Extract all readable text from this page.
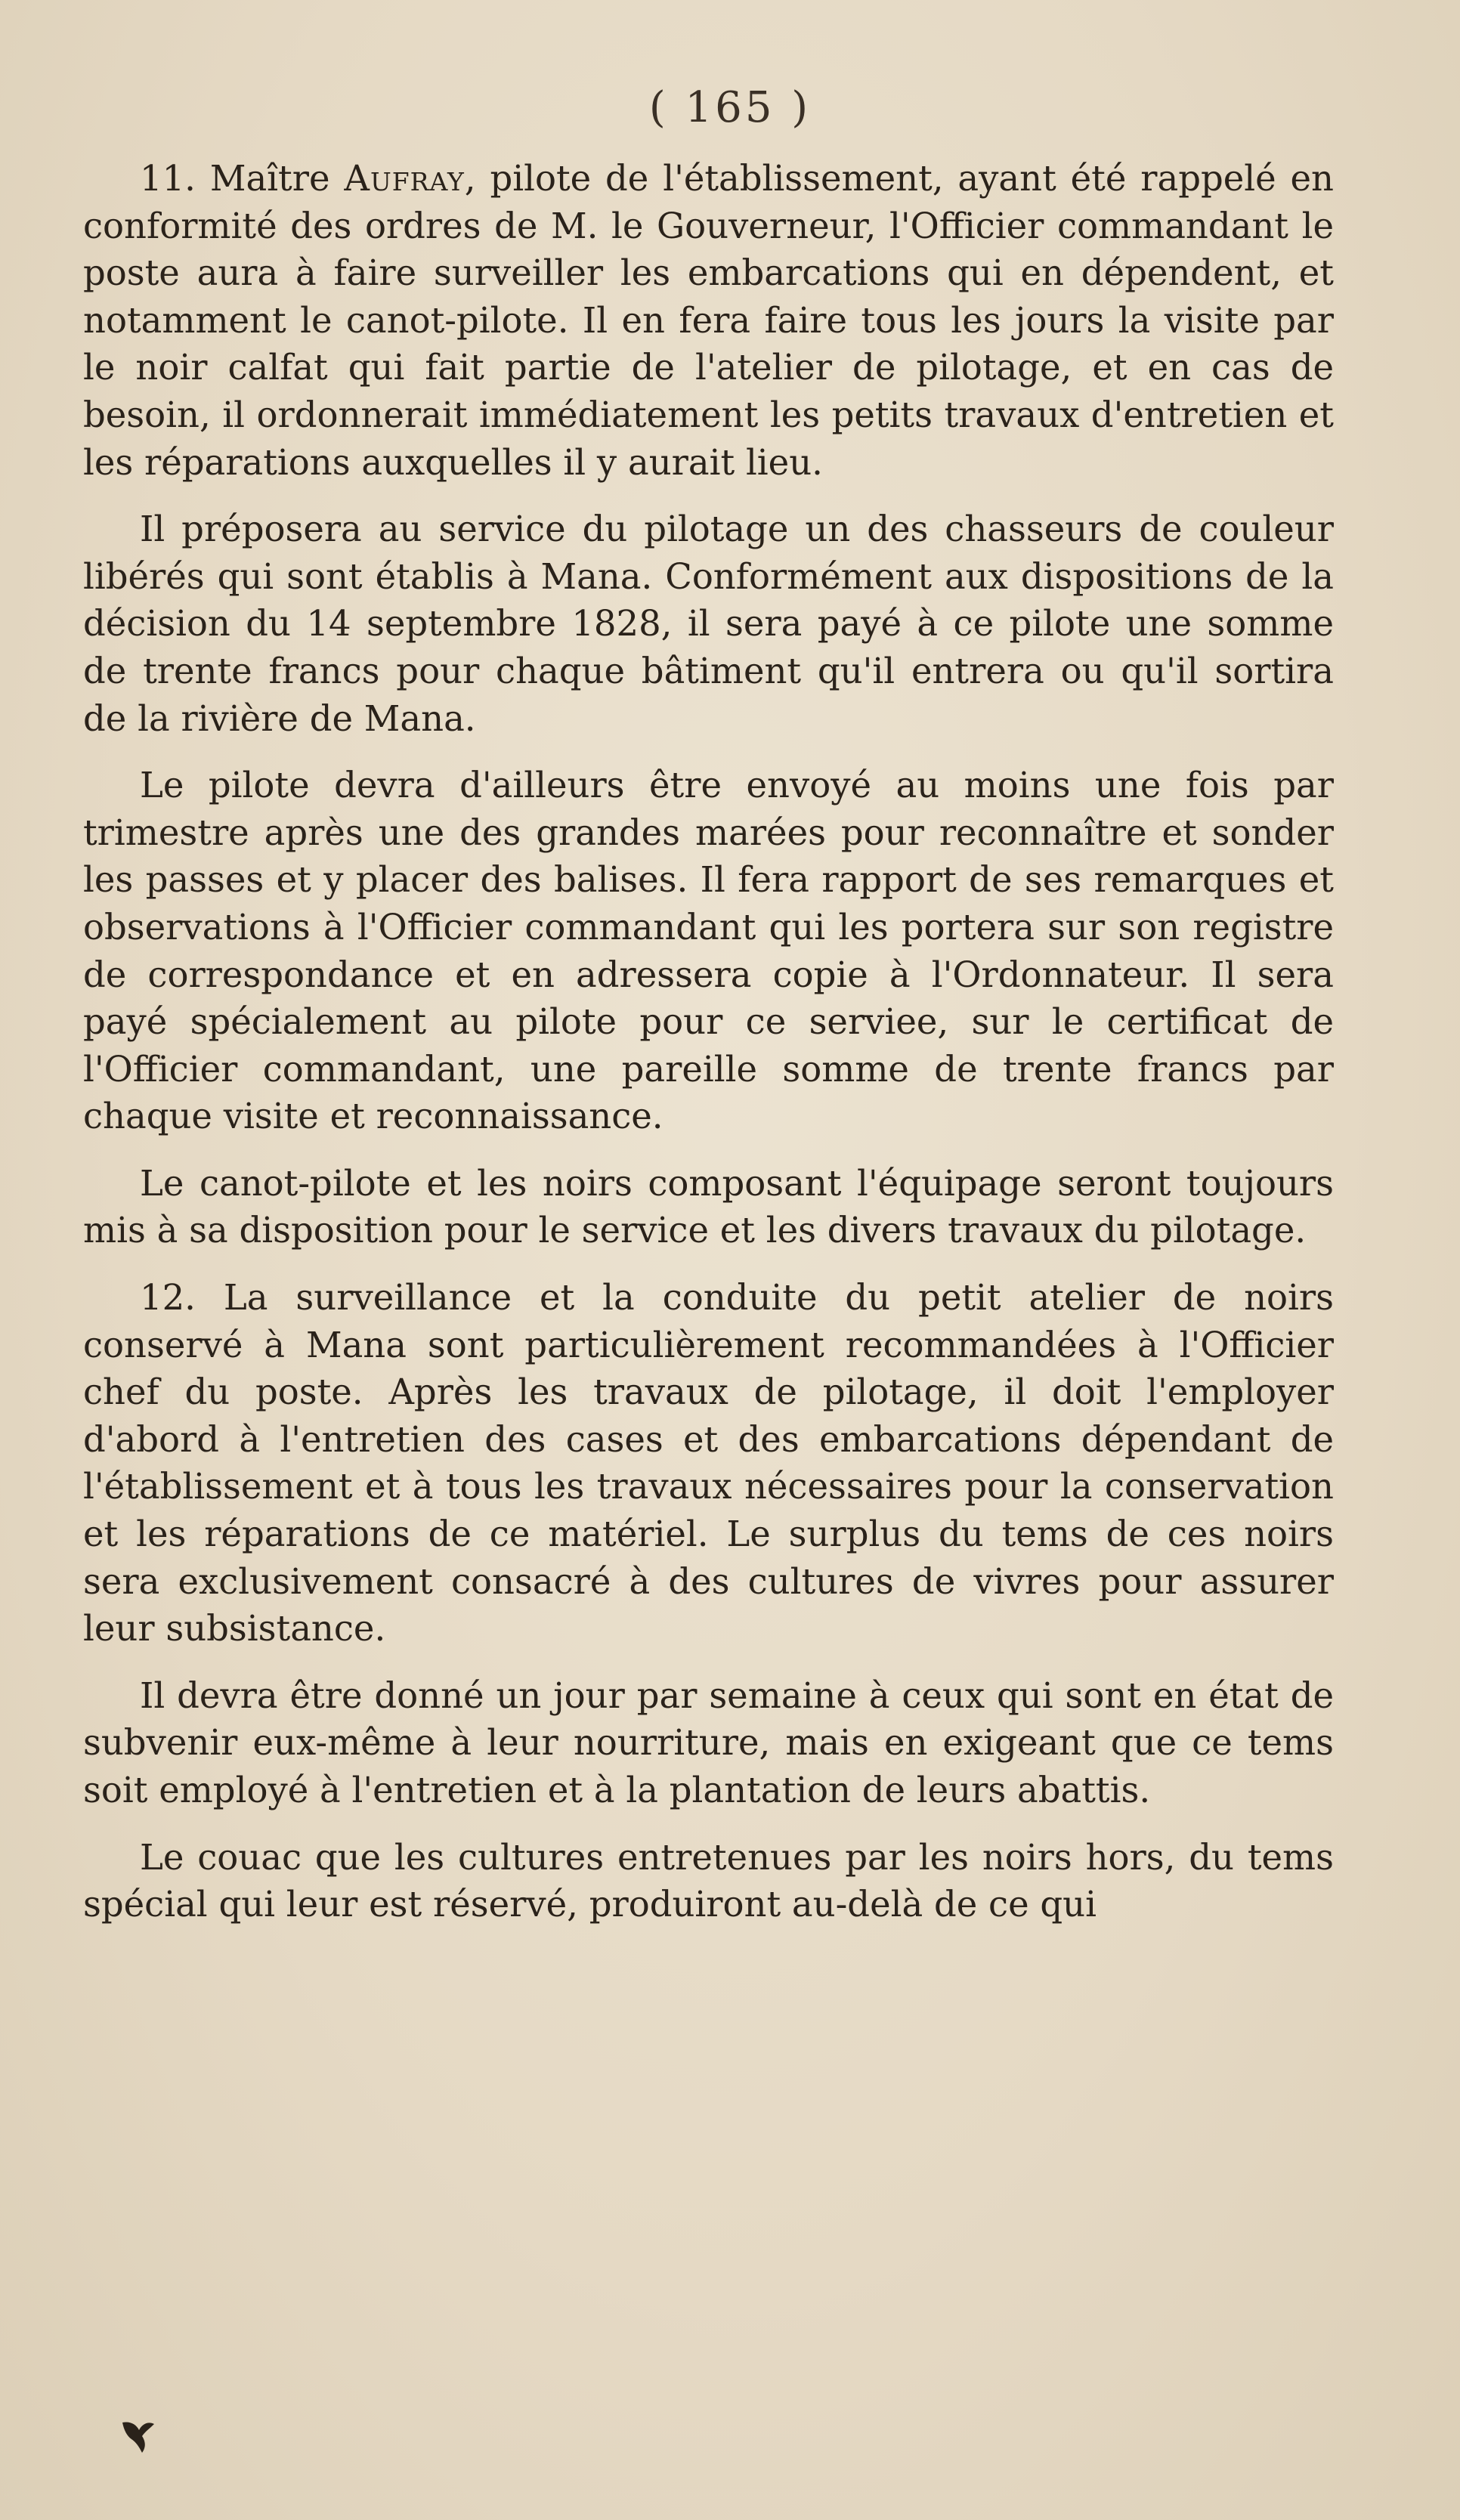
( 165 )

11. Maître Aufray, pilote de l'établissement, ayant été rappelé en conformité des ordres de M. le Gouverneur, l'Officier commandant le poste aura à faire surveiller les embarcations qui en dépendent, et notamment le canot-pilote. Il en fera faire tous les jours la visite par le noir calfat qui fait partie de l'atelier de pilotage, et en cas de besoin, il ordonnerait immédiatement les petits travaux d'entretien et les réparations auxquelles il y aurait lieu.

Il préposera au service du pilotage un des chasseurs de couleur libérés qui sont établis à Mana. Conformément aux dispositions de la décision du 14 septembre 1828, il sera payé à ce pilote une somme de trente francs pour chaque bâtiment qu'il entrera ou qu'il sortira de la rivière de Mana.

Le pilote devra d'ailleurs être envoyé au moins une fois par trimestre après une des grandes marées pour reconnaître et sonder les passes et y placer des balises. Il fera rapport de ses remarques et observations à l'Officier commandant qui les portera sur son registre de correspondance et en adressera copie à l'Ordonnateur. Il sera payé spécialement au pilote pour ce serviee, sur le certificat de l'Officier commandant, une pareille somme de trente francs par chaque visite et reconnaissance.

Le canot-pilote et les noirs composant l'équipage seront toujours mis à sa disposition pour le service et les divers travaux du pilotage.

12. La surveillance et la conduite du petit atelier de noirs conservé à Mana sont particulièrement recommandées à l'Officier chef du poste. Après les travaux de pilotage, il doit l'employer d'abord à l'entretien des cases et des embarcations dépendant de l'établissement et à tous les travaux nécessaires pour la conservation et les réparations de ce matériel. Le surplus du tems de ces noirs sera exclusivement consacré à des cultures de vivres pour assurer leur subsistance.

Il devra être donné un jour par semaine à ceux qui sont en état de subvenir eux-même à leur nourriture, mais en exigeant que ce tems soit employé à l'entretien et à la plantation de leurs abattis.

Le couac que les cultures entretenues par les noirs hors, du tems spécial qui leur est réservé, produiront au-delà de ce qui
